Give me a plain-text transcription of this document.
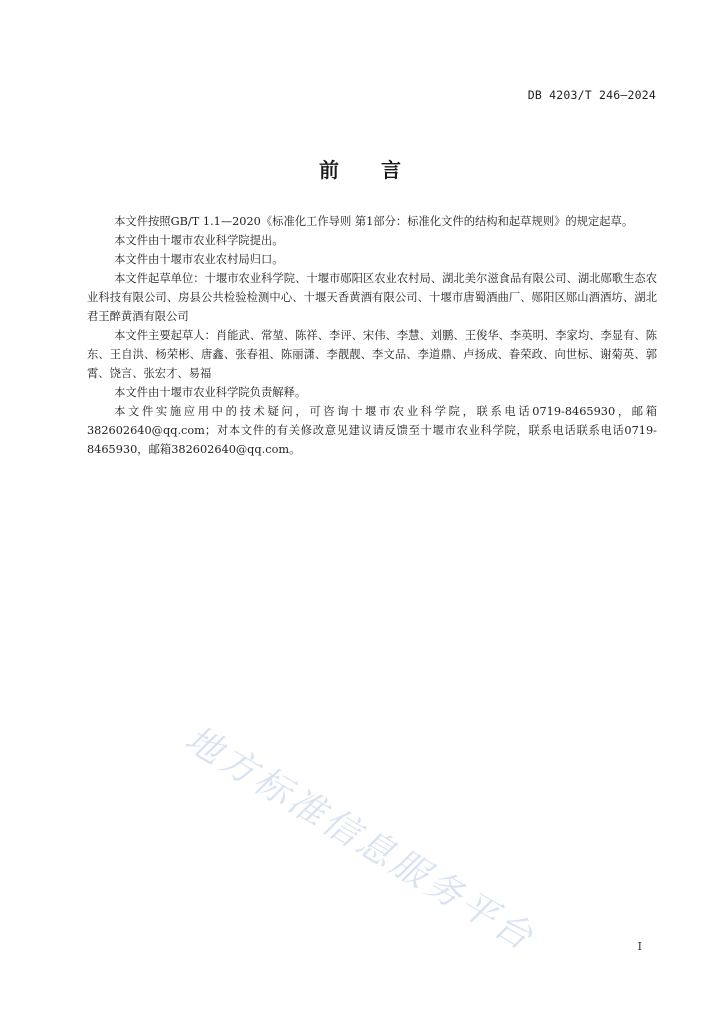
DB 4203/T 246—2024
前言

本文件按照GB/T 1.1—2020《标准化工作导则 第1部分：标准化文件的结构和起草规则》的规定起草。

本文件由十堰市农业科学院提出。

本文件由十堰市农业农村局归口。

本文件起草单位：十堰市农业科学院、十堰市郧阳区农业农村局、湖北美尔滋食品有限公司、湖北郧歌生态农业科技有限公司、房县公共检验检测中心、十堰天香黄酒有限公司、十堰市唐蜀酒曲厂、郧阳区郧山酒酒坊、湖北君王醉黄酒有限公司

本文件主要起草人：肖能武、常堃、陈祥、李评、宋伟、李慧、刘鹏、王俊华、李英明、李家均、李显有、陈东、王自洪、杨荣彬、唐鑫、张春祖、陈丽潇、李靓靓、李文品、李道鼎、卢扬成、眷荣政、向世标、谢菊英、郭霄、饶言、张宏才、易福

本文件由十堰市农业科学院负责解释。

本文件实施应用中的技术疑问，可咨询十堰市农业科学院，联系电话0719-8465930，邮箱382602640@qq.com；对本文件的有关修改意见建议请反馈至十堰市农业科学院，联系电话联系电话0719-8465930，邮箱382602640@qq.com。

地方标准信息服务平台	I
